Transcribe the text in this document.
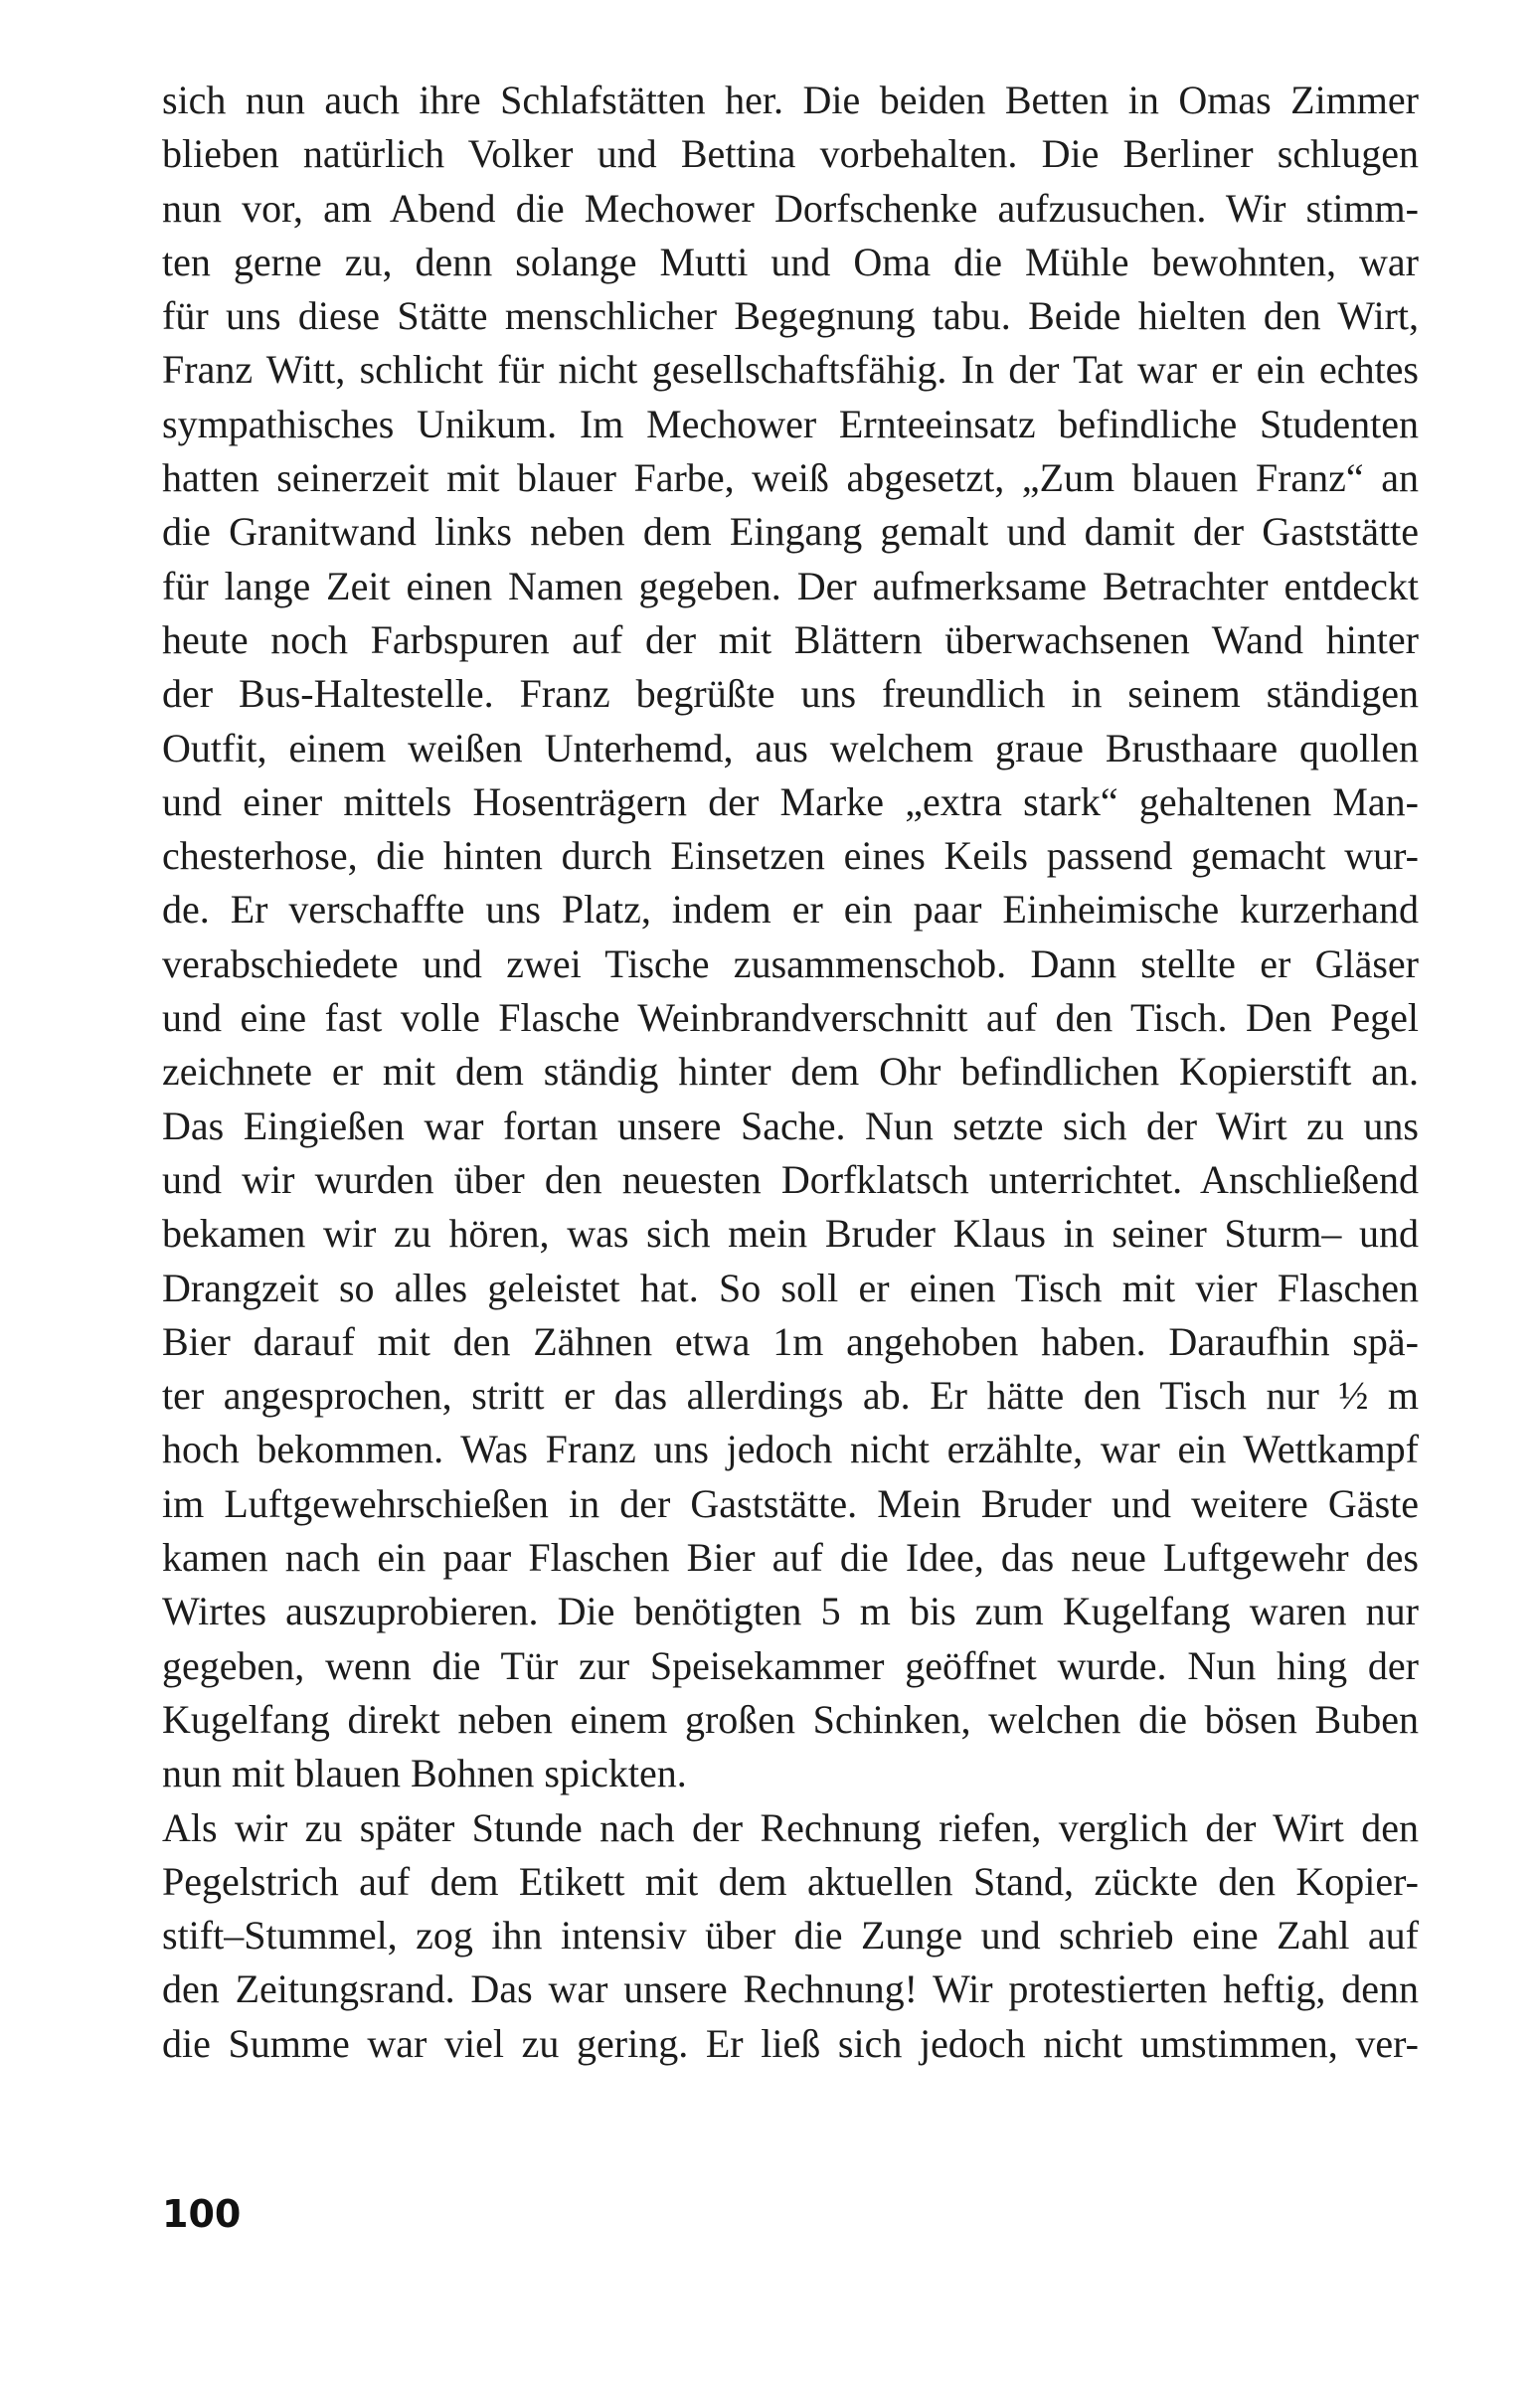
sich nun auch ihre Schlafstätten her. Die beiden Betten in Omas Zimmer
blieben natürlich Volker und Bettina vorbehalten. Die Berliner schlugen
nun vor, am Abend die Mechower Dorfschenke aufzusuchen. Wir stimm-
ten gerne zu, denn solange Mutti und Oma die Mühle bewohnten, war
für uns diese Stätte menschlicher Begegnung tabu. Beide hielten den Wirt,
Franz Witt, schlicht für nicht gesellschaftsfähig. In der Tat war er ein echtes
sympathisches Unikum. Im Mechower Ernteeinsatz befindliche Studenten
hatten seinerzeit mit blauer Farbe, weiß abgesetzt, „Zum blauen Franz“ an
die Granitwand links neben dem Eingang gemalt und damit der Gaststätte
für lange Zeit einen Namen gegeben. Der aufmerksame Betrachter entdeckt
heute noch Farbspuren auf der mit Blättern überwachsenen Wand hinter
der Bus-Haltestelle. Franz begrüßte uns freundlich in seinem ständigen
Outfit, einem weißen Unterhemd, aus welchem graue Brusthaare quollen
und einer mittels Hosenträgern der Marke „extra stark“ gehaltenen Man-
chesterhose, die hinten durch Einsetzen eines Keils passend gemacht wur-
de. Er verschaffte uns Platz, indem er ein paar Einheimische kurzerhand
verabschiedete und zwei Tische zusammenschob. Dann stellte er Gläser
und eine fast volle Flasche Weinbrandverschnitt auf den Tisch. Den Pegel
zeichnete er mit dem ständig hinter dem Ohr befindlichen Kopierstift an.
Das Eingießen war fortan unsere Sache. Nun setzte sich der Wirt zu uns
und wir wurden über den neuesten Dorfklatsch unterrichtet. Anschließend
bekamen wir zu hören, was sich mein Bruder Klaus in seiner Sturm– und
Drangzeit so alles geleistet hat. So soll er einen Tisch mit vier Flaschen
Bier darauf mit den Zähnen etwa 1m angehoben haben. Daraufhin spä-
ter angesprochen, stritt er das allerdings ab. Er hätte den Tisch nur ½ m
hoch bekommen. Was Franz uns jedoch nicht erzählte, war ein Wettkampf
im Luftgewehrschießen in der Gaststätte. Mein Bruder und weitere Gäste
kamen nach ein paar Flaschen Bier auf die Idee, das neue Luftgewehr des
Wirtes auszuprobieren. Die benötigten 5 m bis zum Kugelfang waren nur
gegeben, wenn die Tür zur Speisekammer geöffnet wurde. Nun hing der
Kugelfang direkt neben einem großen Schinken, welchen die bösen Buben
nun mit blauen Bohnen spickten.
Als wir zu später Stunde nach der Rechnung riefen, verglich der Wirt den
Pegelstrich auf dem Etikett mit dem aktuellen Stand, zückte den Kopier-
stift–Stummel, zog ihn intensiv über die Zunge und schrieb eine Zahl auf
den Zeitungsrand. Das war unsere Rechnung! Wir protestierten heftig, denn
die Summe war viel zu gering. Er ließ sich jedoch nicht umstimmen, ver-
100
